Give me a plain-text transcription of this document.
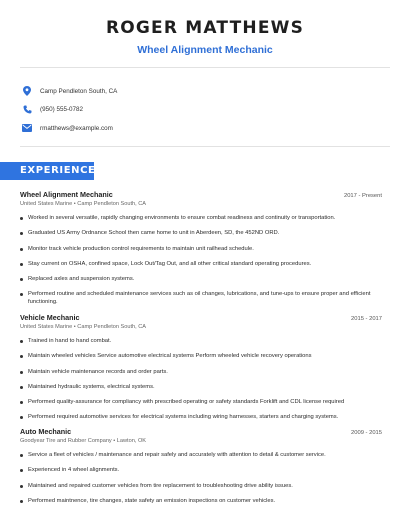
ROGER MATTHEWS
Wheel Alignment Mechanic
Camp Pendleton South, CA
(950) 555-0782
rmatthews@example.com
EXPERIENCE
Wheel Alignment Mechanic	2017 - Present
United States Marine • Camp Pendleton South, CA
Worked in several versatile, rapidly changing environments to ensure combat readiness and continuity or transportation.
Graduated US Army Ordnance School then came home to unit in Aberdeen, SD, the 452ND ORD.
Monitor track vehicle production control requirements to maintain unit railhead schedule.
Stay current on OSHA, confined space, Lock Out/Tag Out, and all other critical standard operating procedures.
Replaced axles and suspension systems.
Performed routine and scheduled maintenance services such as oil changes, lubrications, and tune-ups to ensure proper and efficient functioning.
Vehicle Mechanic	2015 - 2017
United States Marine • Camp Pendleton South, CA
Trained in hand to hand combat.
Maintain wheeled vehicles Service automotive electrical systems Perform wheeled vehicle recovery operations
Maintain vehicle maintenance records and order parts.
Maintained hydraulic systems, electrical systems.
Performed quality-assurance for compliancy with prescribed operating or safety standards Forklift and CDL license required
Performed required automotive services for electrical systems including wiring harnesses, starters and charging systems.
Auto Mechanic	2009 - 2015
Goodyear Tire and Rubber Company • Lawton, OK
Service a fleet of vehicles / maintenance and repair safely and accurately with attention to detail & customer service.
Experienced in 4 wheel alignments.
Maintained and repaired customer vehicles from tire replacement to troubleshooting drive ability issues.
Performed maintnence, tire changes, state safety an emission inspections on customer vehicles.
